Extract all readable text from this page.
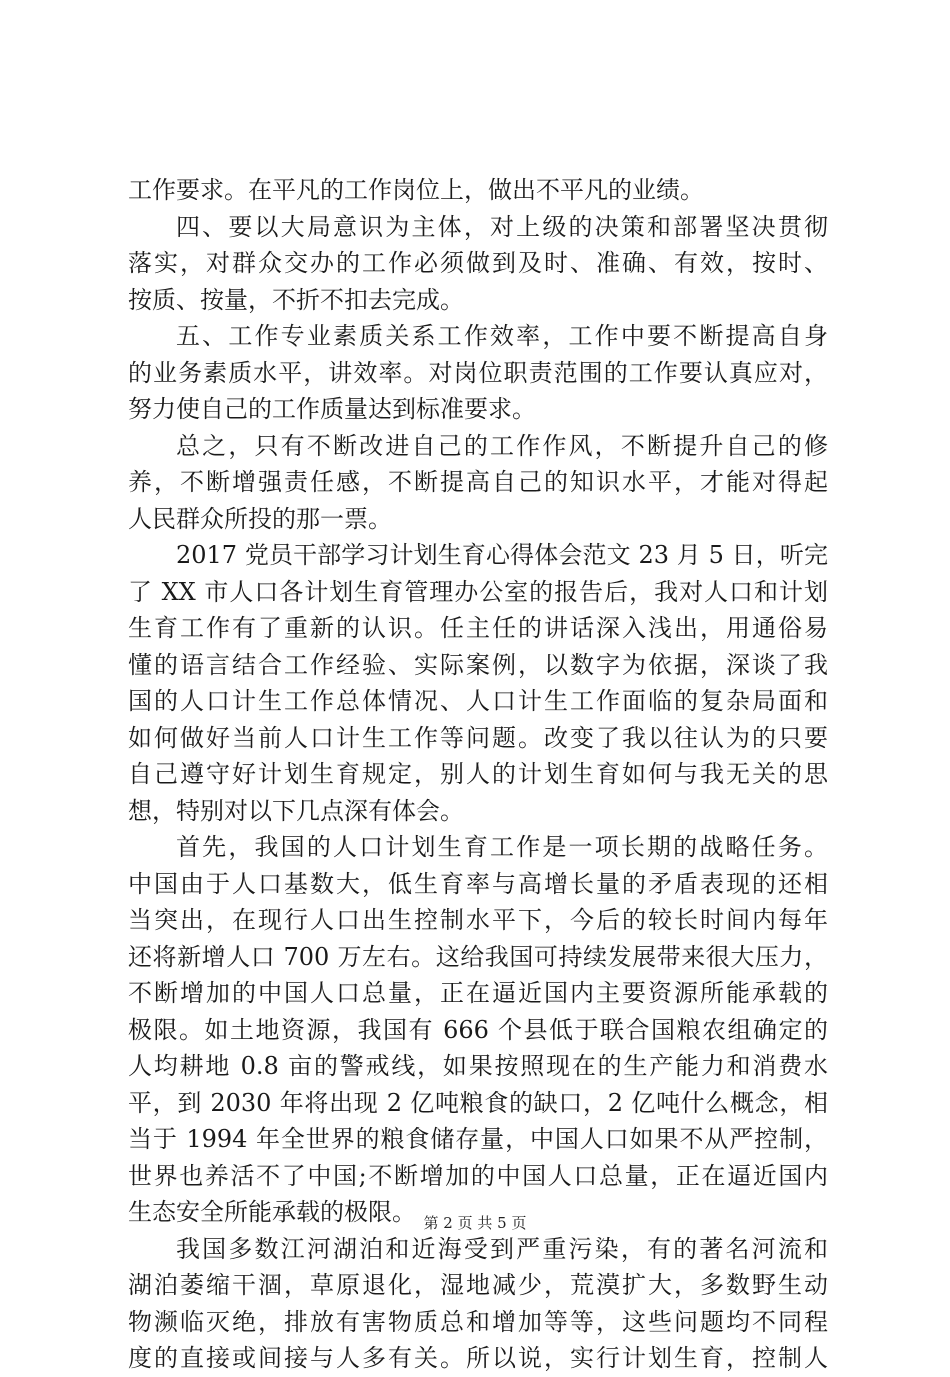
工作要求。在平凡的工作岗位上，做出不平凡的业绩。
四、要以大局意识为主体，对上级的决策和部署坚决贯彻
落实，对群众交办的工作必须做到及时、准确、有效，按时、
按质、按量，不折不扣去完成。
五、工作专业素质关系工作效率，工作中要不断提高自身
的业务素质水平，讲效率。对岗位职责范围的工作要认真应对，
努力使自己的工作质量达到标准要求。
总之，只有不断改进自己的工作作风，不断提升自己的修
养，不断增强责任感，不断提高自己的知识水平，才能对得起
人民群众所投的那一票。
2017 党员干部学习计划生育心得体会范文 23 月 5 日，听完
了 XX 市人口各计划生育管理办公室的报告后，我对人口和计划
生育工作有了重新的认识。任主任的讲话深入浅出，用通俗易
懂的语言结合工作经验、实际案例，以数字为依据，深谈了我
国的人口计生工作总体情况、人口计生工作面临的复杂局面和
如何做好当前人口计生工作等问题。改变了我以往认为的只要
自己遵守好计划生育规定，别人的计划生育如何与我无关的思
想，特别对以下几点深有体会。
首先，我国的人口计划生育工作是一项长期的战略任务。
中国由于人口基数大，低生育率与高增长量的矛盾表现的还相
当突出，在现行人口出生控制水平下，今后的较长时间内每年
还将新增人口 700 万左右。这给我国可持续发展带来很大压力，
不断增加的中国人口总量，正在逼近国内主要资源所能承载的
极限。如土地资源，我国有 666 个县低于联合国粮农组确定的
人均耕地 0.8 亩的警戒线，如果按照现在的生产能力和消费水
平，到 2030 年将出现 2 亿吨粮食的缺口，2 亿吨什么概念，相
当于 1994 年全世界的粮食储存量，中国人口如果不从严控制，
世界也养活不了中国;不断增加的中国人口总量，正在逼近国内
生态安全所能承载的极限。
我国多数江河湖泊和近海受到严重污染，有的著名河流和
湖泊萎缩干涸，草原退化，湿地减少，荒漠扩大，多数野生动
物濒临灭绝，排放有害物质总和增加等等，这些问题均不同程
度的直接或间接与人多有关。所以说，实行计划生育，控制人
第 2 页 共 5 页
